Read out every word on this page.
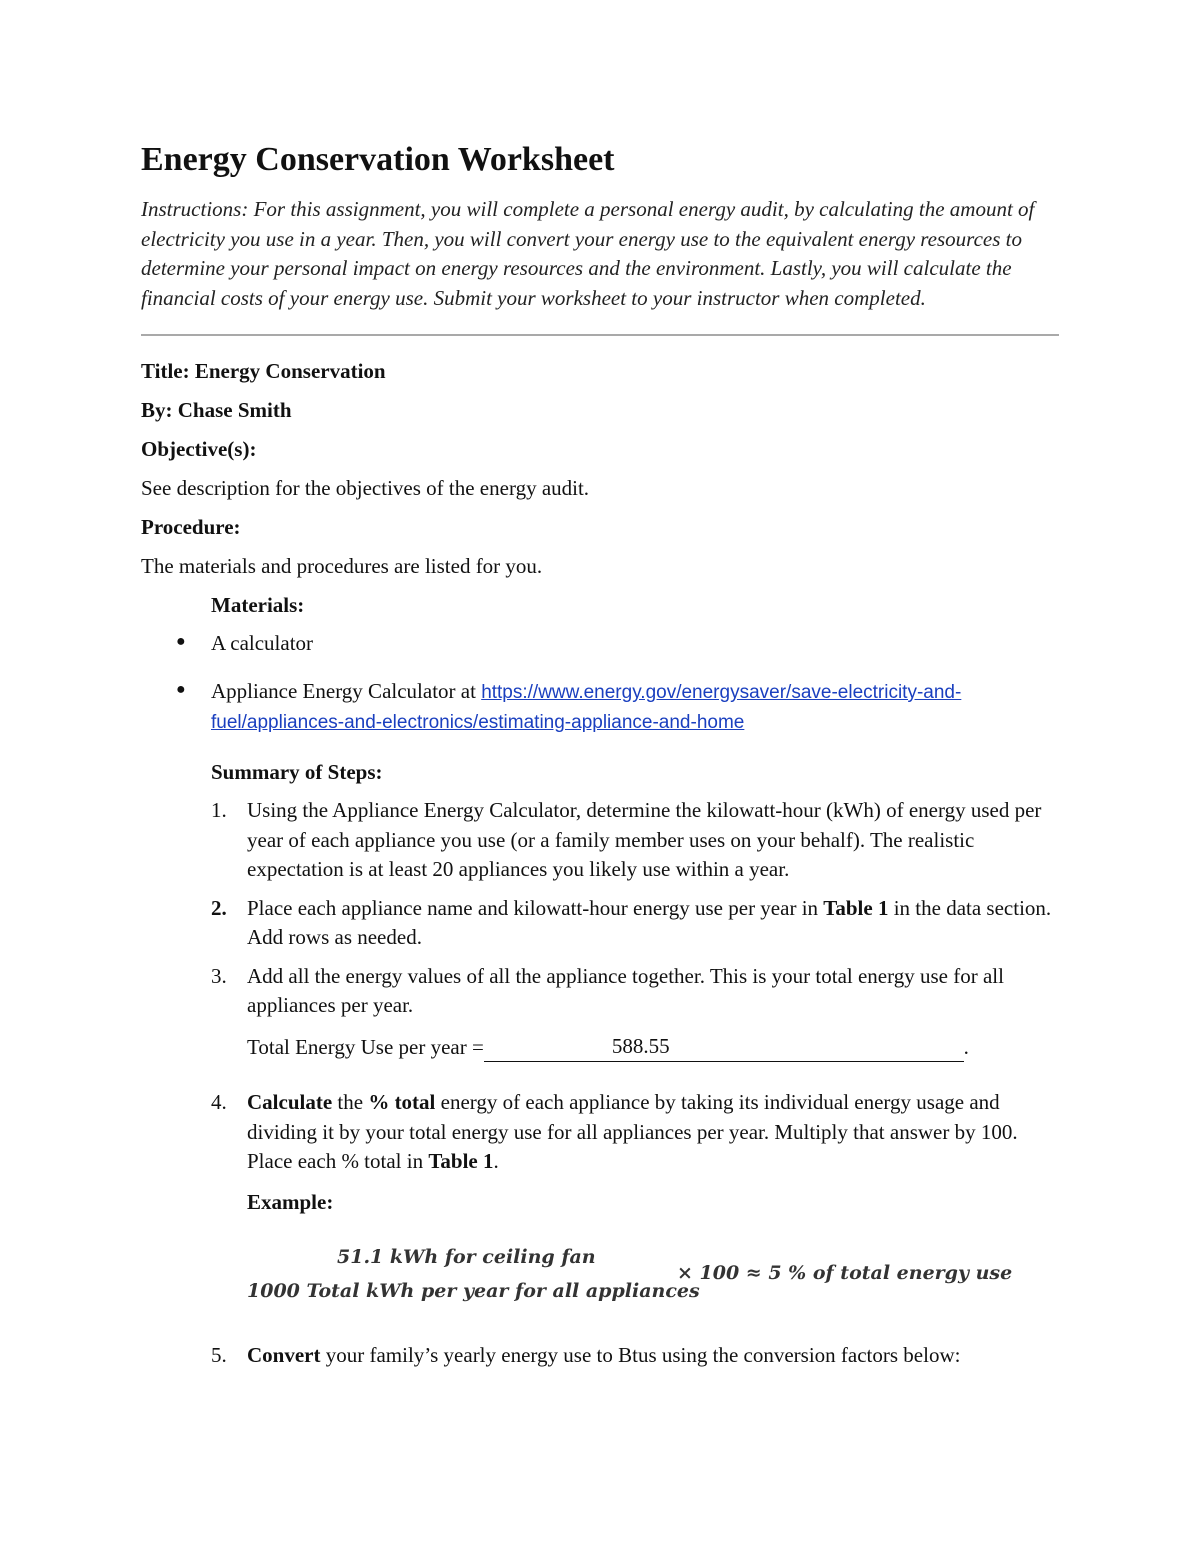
Energy Conservation Worksheet

Instructions: For this assignment, you will complete a personal energy audit, by calculating the amount of electricity you use in a year. Then, you will convert your energy use to the equivalent energy resources to determine your personal impact on energy resources and the environment. Lastly, you will calculate the financial costs of your energy use. Submit your worksheet to your instructor when completed.

Title: Energy Conservation

By: Chase Smith

Objective(s):

See description for the objectives of the energy audit.

Procedure:

The materials and procedures are listed for you.

Materials:

● A calculator
● Appliance Energy Calculator at https://www.energy.gov/energysaver/save-electricity-and-fuel/appliances-and-electronics/estimating-appliance-and-home

Summary of Steps:

1. Using the Appliance Energy Calculator, determine the kilowatt-hour (kWh) of energy used per year of each appliance you use (or a family member uses on your behalf). The realistic expectation is at least 20 appliances you likely use within a year.
2. Place each appliance name and kilowatt-hour energy use per year in Table 1 in the data section. Add rows as needed.
3. Add all the energy values of all the appliance together. This is your total energy use for all appliances per year.
Total Energy Use per year =	588.55	.
4. Calculate the % total energy of each appliance by taking its individual energy usage and dividing it by your total energy use for all appliances per year. Multiply that answer by 100. Place each % total in Table 1.
Example:
51.1 kWh for ceiling fan
1000 Total kWh per year for all appliances
× 100 ≈ 5 % of total energy use
5. Convert your family’s yearly energy use to Btus using the conversion factors below:
